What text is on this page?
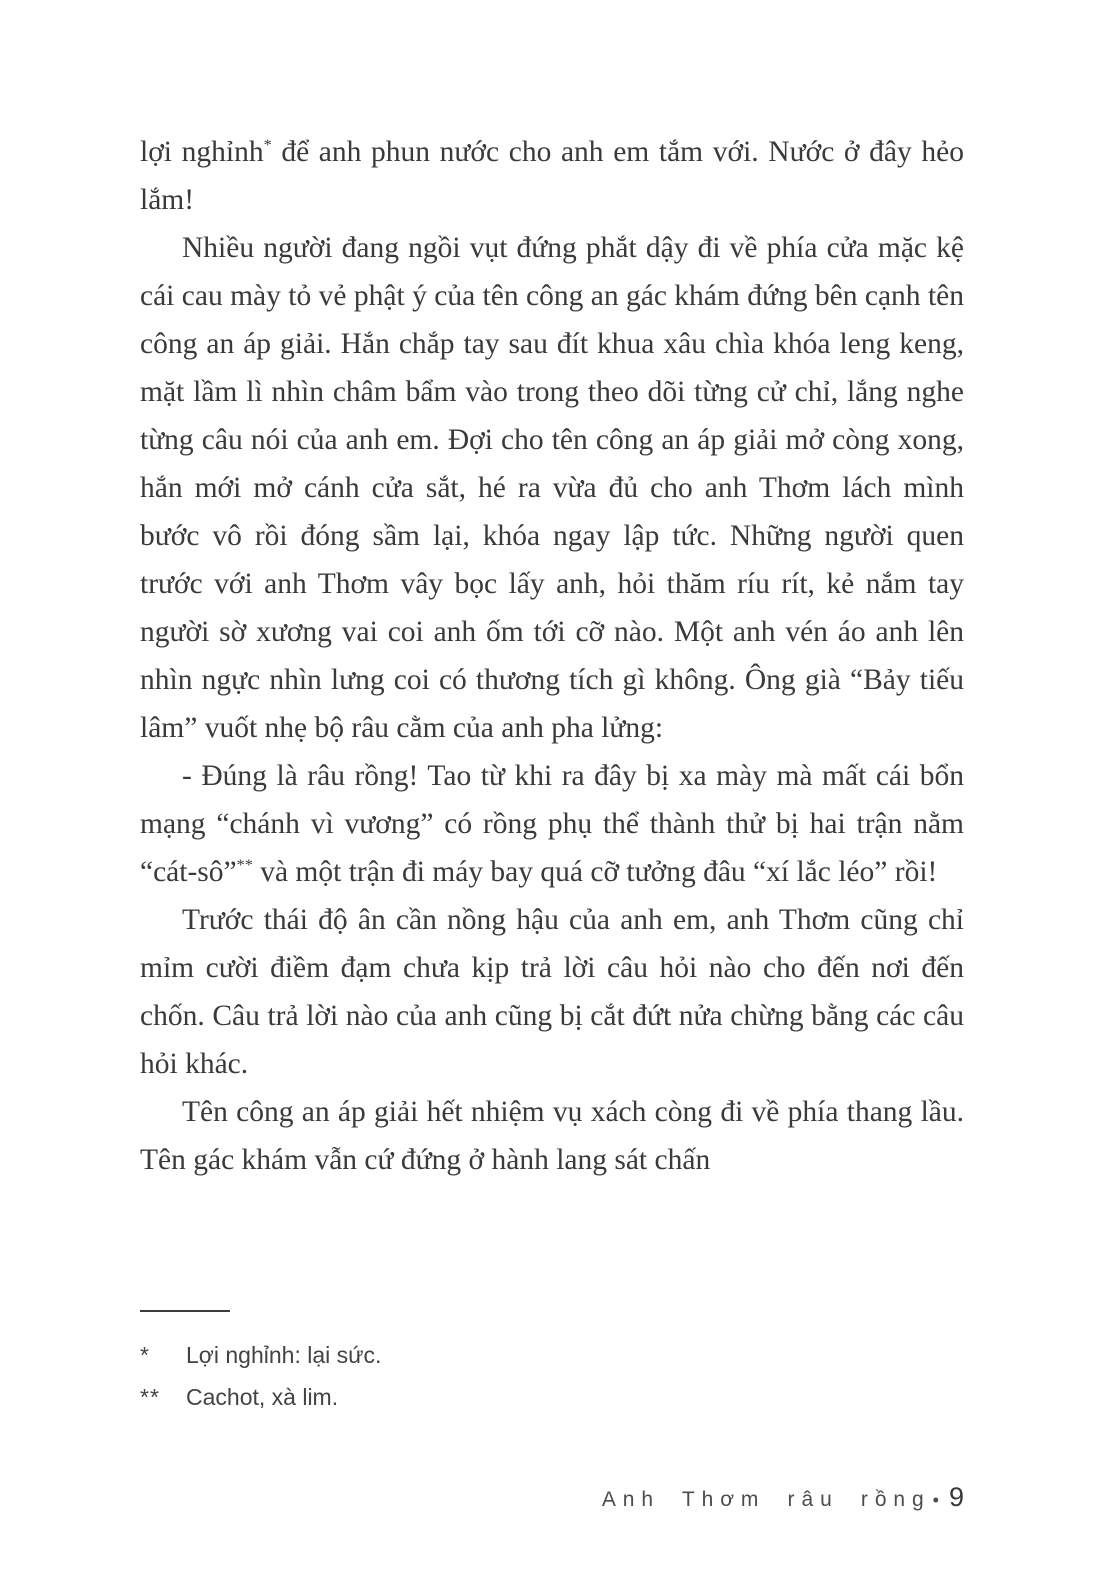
lợi nghỉnh* để anh phun nước cho anh em tắm với. Nước ở đây hẻo lắm!

Nhiều người đang ngồi vụt đứng phắt dậy đi về phía cửa mặc kệ cái cau mày tỏ vẻ phật ý của tên công an gác khám đứng bên cạnh tên công an áp giải. Hắn chắp tay sau đít khua xâu chìa khóa leng keng, mặt lầm lì nhìn châm bẩm vào trong theo dõi từng cử chỉ, lắng nghe từng câu nói của anh em. Đợi cho tên công an áp giải mở còng xong, hắn mới mở cánh cửa sắt, hé ra vừa đủ cho anh Thơm lách mình bước vô rồi đóng sầm lại, khóa ngay lập tức. Những người quen trước với anh Thơm vây bọc lấy anh, hỏi thăm ríu rít, kẻ nắm tay người sờ xương vai coi anh ốm tới cỡ nào. Một anh vén áo anh lên nhìn ngực nhìn lưng coi có thương tích gì không. Ông già “Bảy tiếu lâm” vuốt nhẹ bộ râu cằm của anh pha lửng:

- Đúng là râu rồng! Tao từ khi ra đây bị xa mày mà mất cái bổn mạng “chánh vì vương” có rồng phụ thể thành thử bị hai trận nằm “cát-sô”** và một trận đi máy bay quá cỡ tưởng đâu “xí lắc léo” rồi!

Trước thái độ ân cần nồng hậu của anh em, anh Thơm cũng chỉ mỉm cười điềm đạm chưa kịp trả lời câu hỏi nào cho đến nơi đến chốn. Câu trả lời nào của anh cũng bị cắt đứt nửa chừng bằng các câu hỏi khác.

Tên công an áp giải hết nhiệm vụ xách còng đi về phía thang lầu. Tên gác khám vẫn cứ đứng ở hành lang sát chấn

*	Lợi nghỉnh: lại sức.
**	Cachot, xà lim.
Anh Thơm râu rồng • 9
